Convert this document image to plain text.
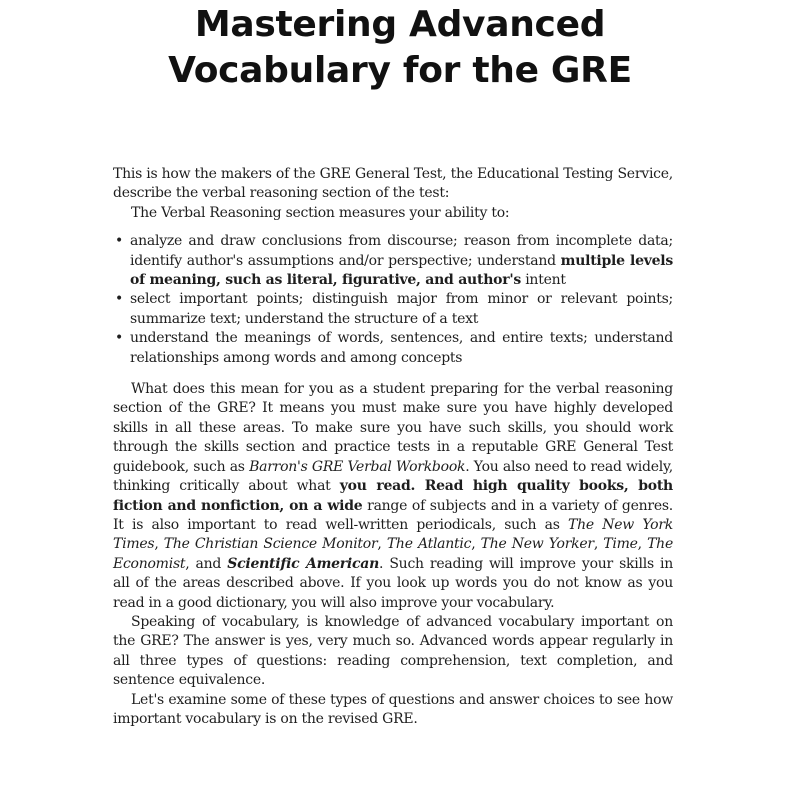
Mastering Advanced
Vocabulary for the GRE

This is how the makers of the GRE General Test, the Educational Testing Service, describe the verbal reasoning section of the test:

The Verbal Reasoning section measures your ability to:

• analyze and draw conclusions from discourse; reason from incomplete data; identify author's assumptions and/or perspective; understand multiple levels of meaning, such as literal, figurative, and author's intent
• select important points; distinguish major from minor or relevant points; summarize text; understand the structure of a text
• understand the meanings of words, sentences, and entire texts; understand relationships among words and among concepts

What does this mean for you as a student preparing for the verbal reasoning section of the GRE? It means you must make sure you have highly developed skills in all these areas. To make sure you have such skills, you should work through the skills section and practice tests in a reputable GRE General Test guidebook, such as Barron's GRE Verbal Workbook. You also need to read widely, thinking critically about what you read. Read high quality books, both fiction and nonfiction, on a wide range of subjects and in a variety of genres. It is also important to read well-written periodicals, such as The New York Times, The Christian Science Monitor, The Atlantic, The New Yorker, Time, The Economist, and Scientific American. Such reading will improve your skills in all of the areas described above. If you look up words you do not know as you read in a good dictionary, you will also improve your vocabulary.

Speaking of vocabulary, is knowledge of advanced vocabulary important on the GRE? The answer is yes, very much so. Advanced words appear regularly in all three types of questions: reading comprehension, text completion, and sentence equivalence.

Let's examine some of these types of questions and answer choices to see how important vocabulary is on the revised GRE.
